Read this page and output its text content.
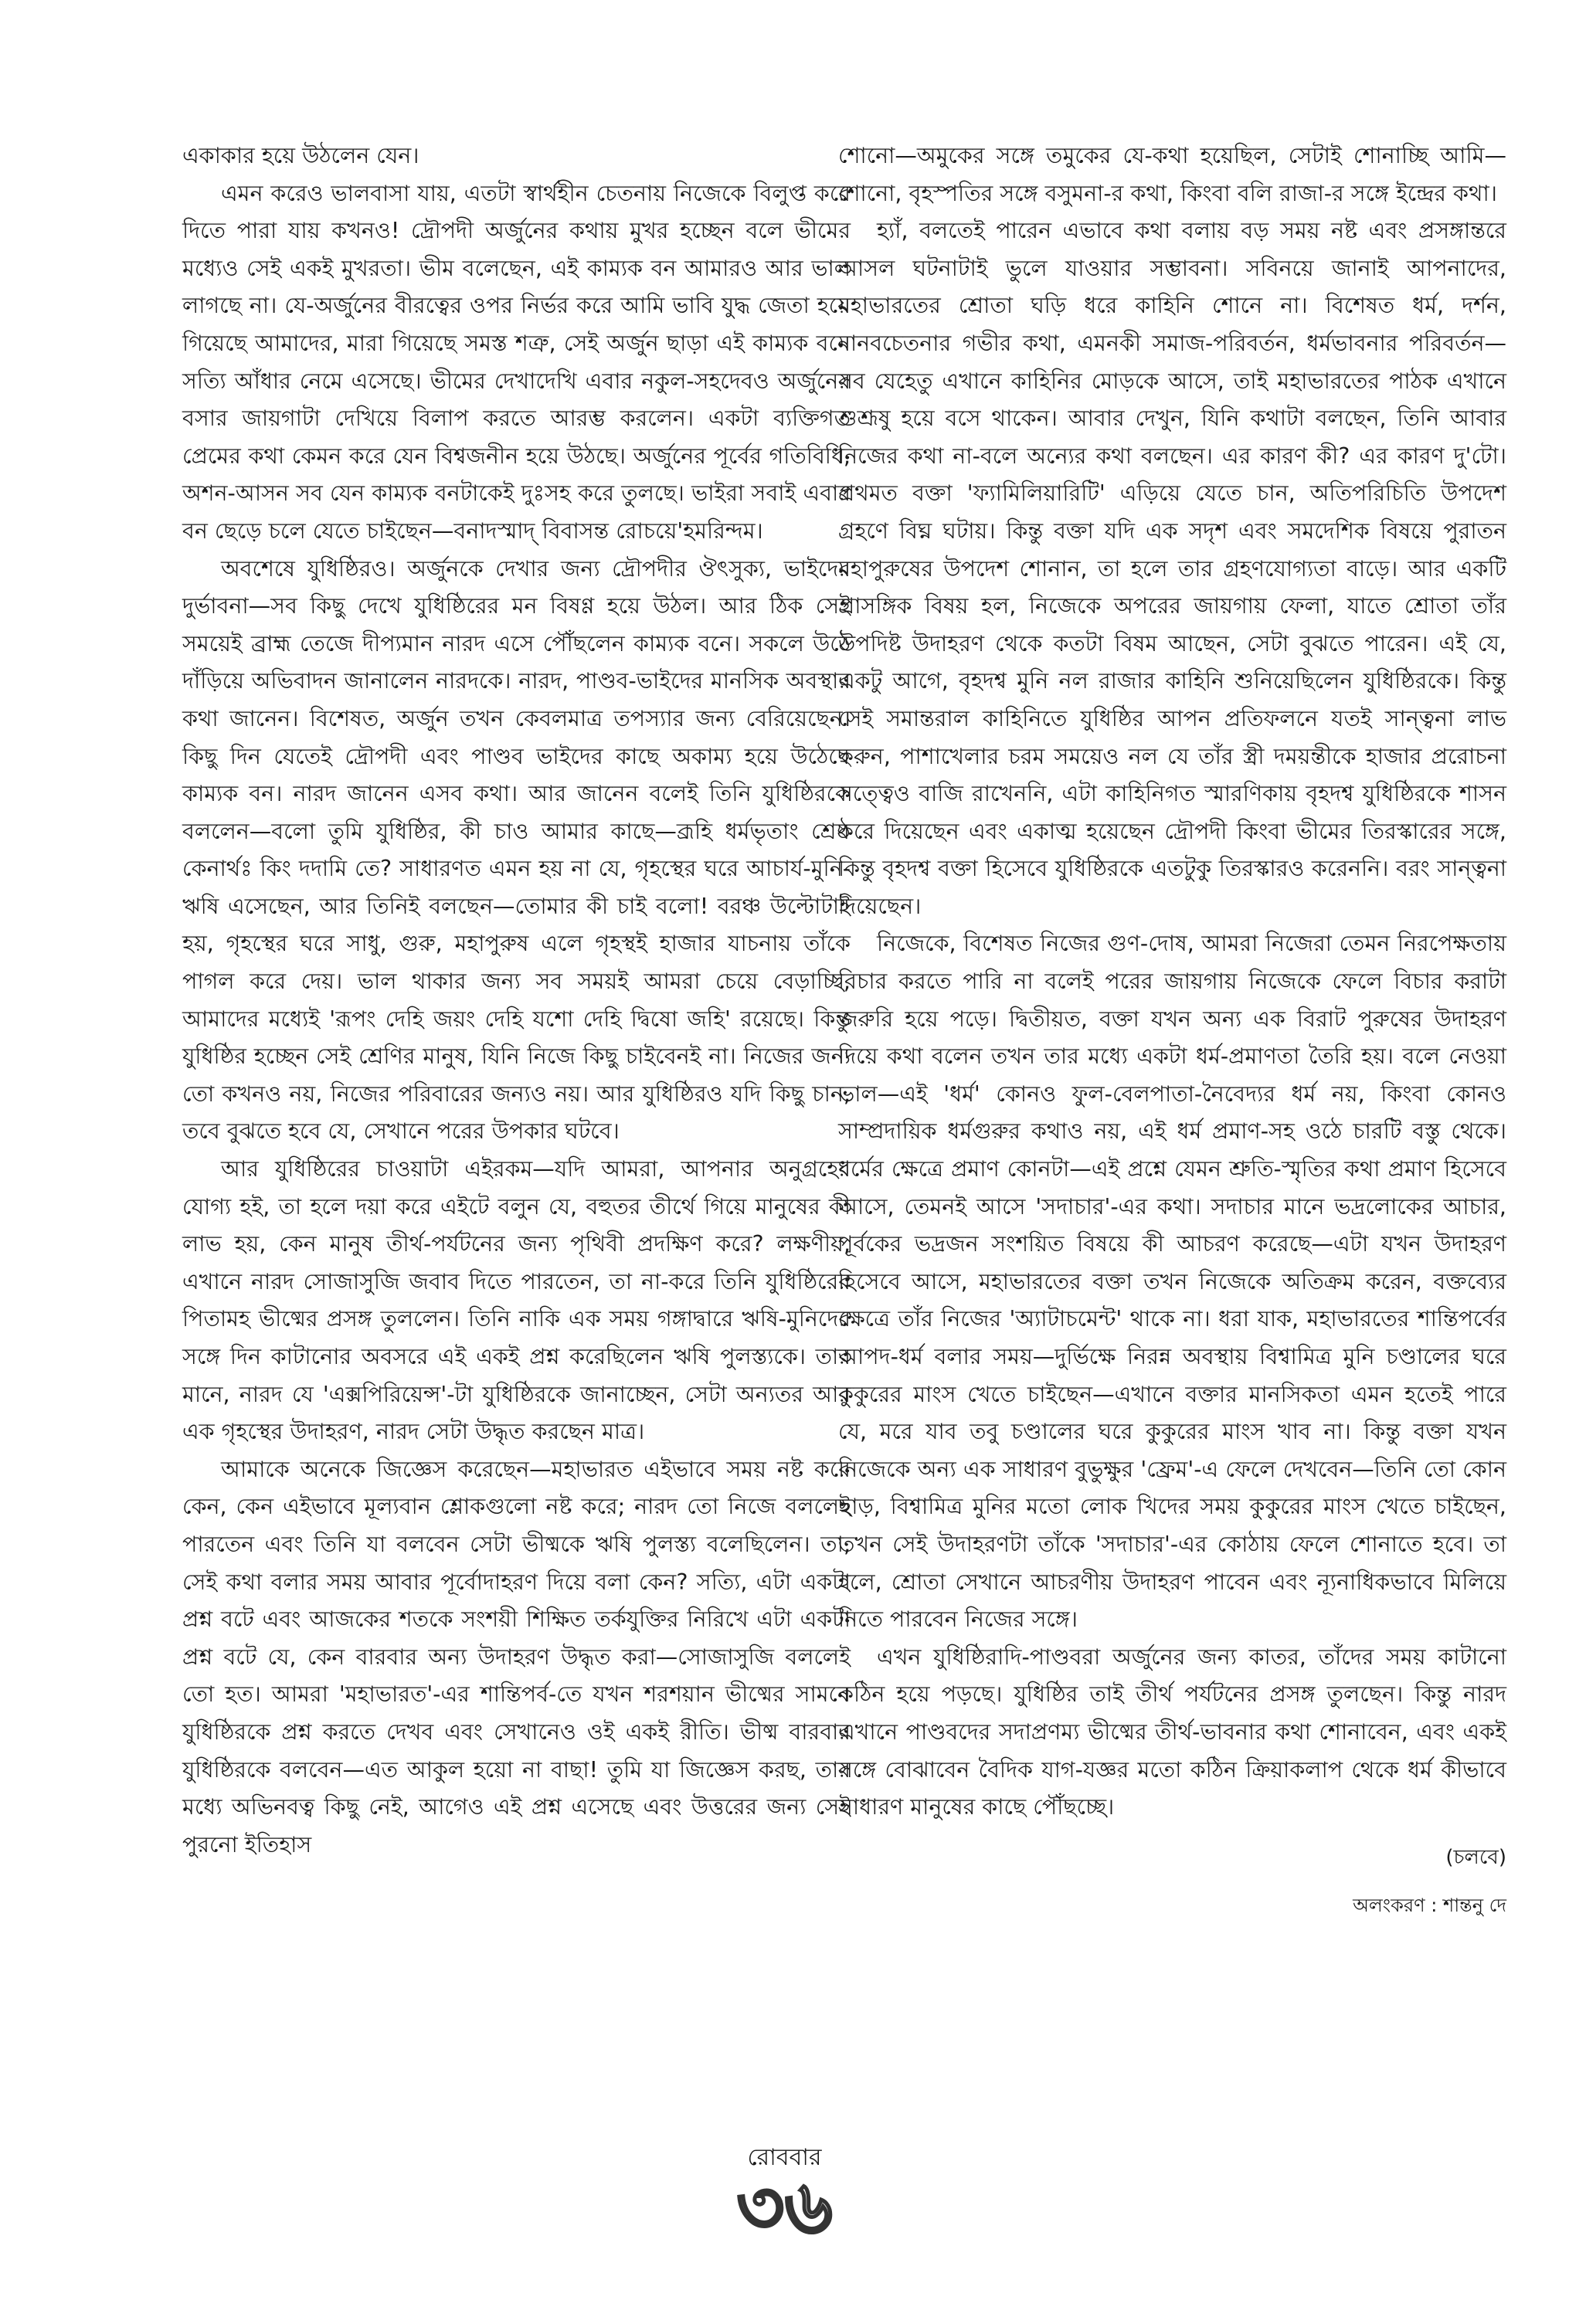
একাকার হয়ে উঠলেন যেন।

এমন করেও ভালবাসা যায়, এতটা স্বার্থহীন চেতনায় নিজেকে বিলুপ্ত করে দিতে পারা যায় কখনও! দ্রৌপদী অর্জুনের কথায় মুখর হচ্ছেন বলে ভীমের মধ্যেও সেই একই মুখরতা। ভীম বলেছেন, এই কাম্যক বন আমারও আর ভাল লাগছে না। যে-অর্জুনের বীরত্বের ওপর নির্ভর করে আমি ভাবি যুদ্ধ জেতা হয়ে গিয়েছে আমাদের, মারা গিয়েছে সমস্ত শত্রু, সেই অর্জুন ছাড়া এই কাম্যক বনে সত্যি আঁধার নেমে এসেছে। ভীমের দেখাদেখি এবার নকুল-সহদেবও অর্জুনের বসার জায়গাটা দেখিয়ে বিলাপ করতে আরম্ভ করলেন। একটা ব্যক্তিগত প্রেমের কথা কেমন করে যেন বিশ্বজনীন হয়ে উঠছে। অর্জুনের পূর্বের গতিবিধি, অশন-আসন সব যেন কাম্যক বনটাকেই দুঃসহ করে তুলছে। ভাইরা সবাই এবার বন ছেড়ে চলে যেতে চাইছেন—বনাদস্মাদ্ বিবাসন্ত রোচয়ে'হমরিন্দম।

অবশেষে যুধিষ্ঠিরও। অর্জুনকে দেখার জন্য দ্রৌপদীর ঔৎসুক্য, ভাইদের দুর্ভাবনা—সব কিছু দেখে যুধিষ্ঠিরের মন বিষণ্ণ হয়ে উঠল। আর ঠিক সেই সময়েই ব্রাহ্ম তেজে দীপ্যমান নারদ এসে পৌঁছলেন কাম্যক বনে। সকলে উঠে দাঁড়িয়ে অভিবাদন জানালেন নারদকে। নারদ, পাণ্ডব-ভাইদের মানসিক অবস্থার কথা জানেন। বিশেষত, অর্জুন তখন কেবলমাত্র তপস্যার জন্য বেরিয়েছেন। কিছু দিন যেতেই দ্রৌপদী এবং পাণ্ডব ভাইদের কাছে অকাম্য হয়ে উঠেছে কাম্যক বন। নারদ জানেন এসব কথা। আর জানেন বলেই তিনি যুধিষ্ঠিরকে বললেন—বলো তুমি যুধিষ্ঠির, কী চাও আমার কাছে—ব্রূহি ধর্মভৃতাং শ্রেষ্ঠ কেনার্থঃ কিং দদামি তে? সাধারণত এমন হয় না যে, গৃহস্থের ঘরে আচার্য-মুনি-ঋষি এসেছেন, আর তিনিই বলছেন—তোমার কী চাই বলো! বরঞ্চ উল্টোটাই হয়, গৃহস্থের ঘরে সাধু, গুরু, মহাপুরুষ এলে গৃহস্থই হাজার যাচনায় তাঁকে পাগল করে দেয়। ভাল থাকার জন্য সব সময়ই আমরা চেয়ে বেড়াচ্ছি, আমাদের মধ্যেই 'রূপং দেহি জয়ং দেহি যশো দেহি দ্বিষো জহি' রয়েছে। কিন্তু যুধিষ্ঠির হচ্ছেন সেই শ্রেণির মানুষ, যিনি নিজে কিছু চাইবেনই না। নিজের জন্য তো কখনও নয়, নিজের পরিবারের জন্যও নয়। আর যুধিষ্ঠিরও যদি কিছু চান, তবে বুঝতে হবে যে, সেখানে পরের উপকার ঘটবে।

আর যুধিষ্ঠিরের চাওয়াটা এইরকম—যদি আমরা, আপনার অনুগ্রহের যোগ্য হই, তা হলে দয়া করে এইটে বলুন যে, বহুতর তীর্থে গিয়ে মানুষের কী লাভ হয়, কেন মানুষ তীর্থ-পর্যটনের জন্য পৃথিবী প্রদক্ষিণ করে? লক্ষণীয়, এখানে নারদ সোজাসুজি জবাব দিতে পারতেন, তা না-করে তিনি যুধিষ্ঠিরের পিতামহ ভীষ্মের প্রসঙ্গ তুললেন। তিনি নাকি এক সময় গঙ্গাদ্বারে ঋষি-মুনিদের সঙ্গে দিন কাটানোর অবসরে এই একই প্রশ্ন করেছিলেন ঋষি পুলস্ত্যকে। তার মানে, নারদ যে 'এক্সপিরিয়েন্স'-টা যুধিষ্ঠিরকে জানাচ্ছেন, সেটা অন্যতর আর এক গৃহস্থের উদাহরণ, নারদ সেটা উদ্ধৃত করছেন মাত্র।

আমাকে অনেকে জিজ্ঞেস করেছেন—মহাভারত এইভাবে সময় নষ্ট করে কেন, কেন এইভাবে মূল্যবান শ্লোকগুলো নষ্ট করে; নারদ তো নিজে বললেই পারতেন এবং তিনি যা বলবেন সেটা ভীষ্মকে ঋষি পুলস্ত্য বলেছিলেন। তা, সেই কথা বলার সময় আবার পূর্বোদাহরণ দিয়ে বলা কেন? সত্যি, এটা একটা প্রশ্ন বটে এবং আজকের শতকে সংশয়ী শিক্ষিত তর্কযুক্তির নিরিখে এটা একটা প্রশ্ন বটে যে, কেন বারবার অন্য উদাহরণ উদ্ধৃত করা—সোজাসুজি বললেই তো হত। আমরা 'মহাভারত'-এর শান্তিপর্ব-তে যখন শরশয়ান ভীষ্মের সামনে যুধিষ্ঠিরকে প্রশ্ন করতে দেখব এবং সেখানেও ওই একই রীতি। ভীষ্ম বারবার যুধিষ্ঠিরকে বলবেন—এত আকুল হয়ো না বাছা! তুমি যা জিজ্ঞেস করছ, তার মধ্যে অভিনবত্ব কিছু নেই, আগেও এই প্রশ্ন এসেছে এবং উত্তরের জন্য সেই পুরনো ইতিহাস

শোনো—অমুকের সঙ্গে তমুকের যে-কথা হয়েছিল, সেটাই শোনাচ্ছি আমি—শোনো, বৃহস্পতির সঙ্গে বসুমনা-র কথা, কিংবা বলি রাজা-র সঙ্গে ইন্দ্রের কথা।

হ্যাঁ, বলতেই পারেন এভাবে কথা বলায় বড় সময় নষ্ট এবং প্রসঙ্গান্তরে আসল ঘটনাটাই ভুলে যাওয়ার সম্ভাবনা। সবিনয়ে জানাই আপনাদের, মহাভারতের শ্রোতা ঘড়ি ধরে কাহিনি শোনে না। বিশেষত ধর্ম, দর্শন, মানবচেতনার গভীর কথা, এমনকী সমাজ-পরিবর্তন, ধর্মভাবনার পরিবর্তন—সব যেহেতু এখানে কাহিনির মোড়কে আসে, তাই মহাভারতের পাঠক এখানে শুশ্রূষু হয়ে বসে থাকেন। আবার দেখুন, যিনি কথাটা বলছেন, তিনি আবার নিজের কথা না-বলে অন্যের কথা বলছেন। এর কারণ কী? এর কারণ দু'টো। প্রথমত বক্তা 'ফ্যামিলিয়ারিটি' এড়িয়ে যেতে চান, অতিপরিচিতি উপদেশ গ্রহণে বিঘ্ন ঘটায়। কিন্তু বক্তা যদি এক সদৃশ এবং সমদেশিক বিষয়ে পুরাতন মহাপুরুষের উপদেশ শোনান, তা হলে তার গ্রহণযোগ্যতা বাড়ে। আর একটি প্রাসঙ্গিক বিষয় হল, নিজেকে অপরের জায়গায় ফেলা, যাতে শ্রোতা তাঁর উপদিষ্ট উদাহরণ থেকে কতটা বিষম আছেন, সেটা বুঝতে পারেন। এই যে, একটু আগে, বৃহদশ্ব মুনি নল রাজার কাহিনি শুনিয়েছিলেন যুধিষ্ঠিরকে। কিন্তু সেই সমান্তরাল কাহিনিতে যুধিষ্ঠির আপন প্রতিফলনে যতই সান্ত্বনা লাভ করুন, পাশাখেলার চরম সময়েও নল যে তাঁর স্ত্রী দময়ন্তীকে হাজার প্ররোচনা সত্ত্বেও বাজি রাখেননি, এটা কাহিনিগত স্মারণিকায় বৃহদশ্ব যুধিষ্ঠিরকে শাসন করে দিয়েছেন এবং একাত্ম হয়েছেন দ্রৌপদী কিংবা ভীমের তিরস্কারের সঙ্গে, কিন্তু বৃহদশ্ব বক্তা হিসেবে যুধিষ্ঠিরকে এতটুকু তিরস্কারও করেননি। বরং সান্ত্বনা দিয়েছেন।

নিজেকে, বিশেষত নিজের গুণ-দোষ, আমরা নিজেরা তেমন নিরপেক্ষতায় বিচার করতে পারি না বলেই পরের জায়গায় নিজেকে ফেলে বিচার করাটা জরুরি হয়ে পড়ে। দ্বিতীয়ত, বক্তা যখন অন্য এক বিরাট পুরুষের উদাহরণ দিয়ে কথা বলেন তখন তার মধ্যে একটা ধর্ম-প্রমাণতা তৈরি হয়। বলে নেওয়া ভাল—এই 'ধর্ম' কোনও ফুল-বেলপাতা-নৈবেদ্যর ধর্ম নয়, কিংবা কোনও সাম্প্রদায়িক ধর্মগুরুর কথাও নয়, এই ধর্ম প্রমাণ-সহ ওঠে চারটি বস্তু থেকে। ধর্মের ক্ষেত্রে প্রমাণ কোনটা—এই প্রশ্নে যেমন শ্রুতি-স্মৃতির কথা প্রমাণ হিসেবে আসে, তেমনই আসে 'সদাচার'-এর কথা। সদাচার মানে ভদ্রলোকের আচার, পূর্বকের ভদ্রজন সংশয়িত বিষয়ে কী আচরণ করেছে—এটা যখন উদাহরণ হিসেবে আসে, মহাভারতের বক্তা তখন নিজেকে অতিক্রম করেন, বক্তব্যের ক্ষেত্রে তাঁর নিজের 'অ্যাটাচমেন্ট' থাকে না। ধরা যাক, মহাভারতের শান্তিপর্বের আপদ-ধর্ম বলার সময়—দুর্ভিক্ষে নিরন্ন অবস্থায় বিশ্বামিত্র মুনি চণ্ডালের ঘরে কুকুরের মাংস খেতে চাইছেন—এখানে বক্তার মানসিকতা এমন হতেই পারে যে, মরে যাব তবু চণ্ডালের ঘরে কুকুরের মাংস খাব না। কিন্তু বক্তা যখন নিজেকে অন্য এক সাধারণ বুভুক্ষুর 'ফ্রেম'-এ ফেলে দেখবেন—তিনি তো কোন ছাড়, বিশ্বামিত্র মুনির মতো লোক খিদের সময় কুকুরের মাংস খেতে চাইছেন, তখন সেই উদাহরণটা তাঁকে 'সদাচার'-এর কোঠায় ফেলে শোনাতে হবে। তা হলে, শ্রোতা সেখানে আচরণীয় উদাহরণ পাবেন এবং ন্যূনাধিকভাবে মিলিয়ে নিতে পারবেন নিজের সঙ্গে।

এখন যুধিষ্ঠিরাদি-পাণ্ডবরা অর্জুনের জন্য কাতর, তাঁদের সময় কাটানো কঠিন হয়ে পড়ছে। যুধিষ্ঠির তাই তীর্থ পর্যটনের প্রসঙ্গ তুলছেন। কিন্তু নারদ এখানে পাণ্ডবদের সদাপ্রণম্য ভীষ্মের তীর্থ-ভাবনার কথা শোনাবেন, এবং একই সঙ্গে বোঝাবেন বৈদিক যাগ-যজ্ঞর মতো কঠিন ক্রিয়াকলাপ থেকে ধর্ম কীভাবে সাধারণ মানুষের কাছে পৌঁছচ্ছে।

(চলবে)

অলংকরণ : শান্তনু দে

রোববার
৩৬
